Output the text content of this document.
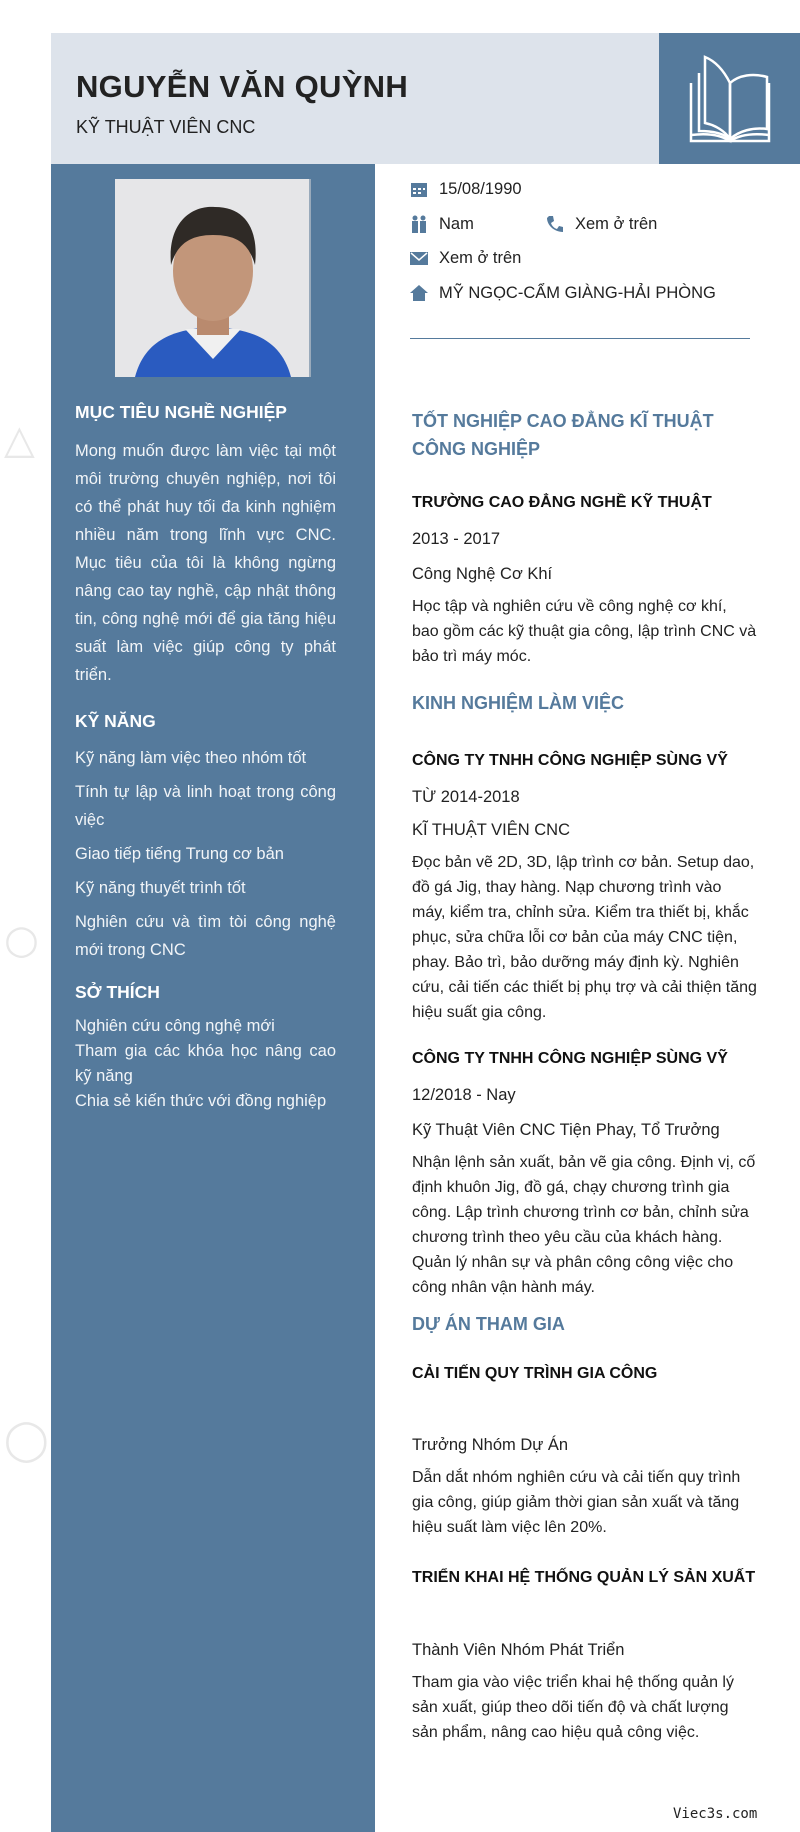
△
○
◯
NGUYỄN VĂN QUỲNH
KỸ THUẬT VIÊN CNC
MỤC TIÊU NGHỀ NGHIỆP
Mong muốn được làm việc tại một môi trường chuyên nghiệp, nơi tôi có thể phát huy tối đa kinh nghiệm nhiều năm trong lĩnh vực CNC. Mục tiêu của tôi là không ngừng nâng cao tay nghề, cập nhật thông tin, công nghệ mới để gia tăng hiệu suất làm việc giúp công ty phát triển.
KỸ NĂNG
Kỹ năng làm việc theo nhóm tốt
Tính tự lập và linh hoạt trong công việc
Giao tiếp tiếng Trung cơ bản
Kỹ năng thuyết trình tốt
Nghiên cứu và tìm tòi công nghệ mới trong CNC
SỞ THÍCH
Nghiên cứu công nghệ mới
Tham gia các khóa học nâng cao kỹ năng
Chia sẻ kiến thức với đồng nghiệp
15/08/1990
Nam	Xem ở trên
Xem ở trên
MỸ NGỌC-CẨM GIÀNG-HẢI PHÒNG
TỐT NGHIỆP CAO ĐẲNG KĨ THUẬT CÔNG NGHIỆP
TRƯỜNG CAO ĐẲNG NGHỀ KỸ THUẬT
2013 - 2017
Công Nghệ Cơ Khí
Học tập và nghiên cứu về công nghệ cơ khí, bao gồm các kỹ thuật gia công, lập trình CNC và bảo trì máy móc.
KINH NGHIỆM LÀM VIỆC
CÔNG TY TNHH CÔNG NGHIỆP SÙNG VỸ
TỪ 2014-2018
KĨ THUẬT VIÊN CNC
Đọc bản vẽ 2D, 3D, lập trình cơ bản. Setup dao, đồ gá Jig, thay hàng. Nạp chương trình vào máy, kiểm tra, chỉnh sửa. Kiểm tra thiết bị, khắc phục, sửa chữa lỗi cơ bản của máy CNC tiện, phay. Bảo trì, bảo dưỡng máy định kỳ. Nghiên cứu, cải tiến các thiết bị phụ trợ và cải thiện tăng hiệu suất gia công.
CÔNG TY TNHH CÔNG NGHIỆP SÙNG VỸ
12/2018 - Nay
Kỹ Thuật Viên CNC Tiện Phay, Tổ Trưởng
Nhận lệnh sản xuất, bản vẽ gia công. Định vị, cố định khuôn Jig, đồ gá, chạy chương trình gia công. Lập trình chương trình cơ bản, chỉnh sửa chương trình theo yêu cầu của khách hàng. Quản lý nhân sự và phân công công việc cho công nhân vận hành máy.
DỰ ÁN THAM GIA
CẢI TIẾN QUY TRÌNH GIA CÔNG
Trưởng Nhóm Dự Án
Dẫn dắt nhóm nghiên cứu và cải tiến quy trình gia công, giúp giảm thời gian sản xuất và tăng hiệu suất làm việc lên 20%.
TRIỂN KHAI HỆ THỐNG QUẢN LÝ SẢN XUẤT
Thành Viên Nhóm Phát Triển
Tham gia vào việc triển khai hệ thống quản lý sản xuất, giúp theo dõi tiến độ và chất lượng sản phẩm, nâng cao hiệu quả công việc.
Viec3s.com
